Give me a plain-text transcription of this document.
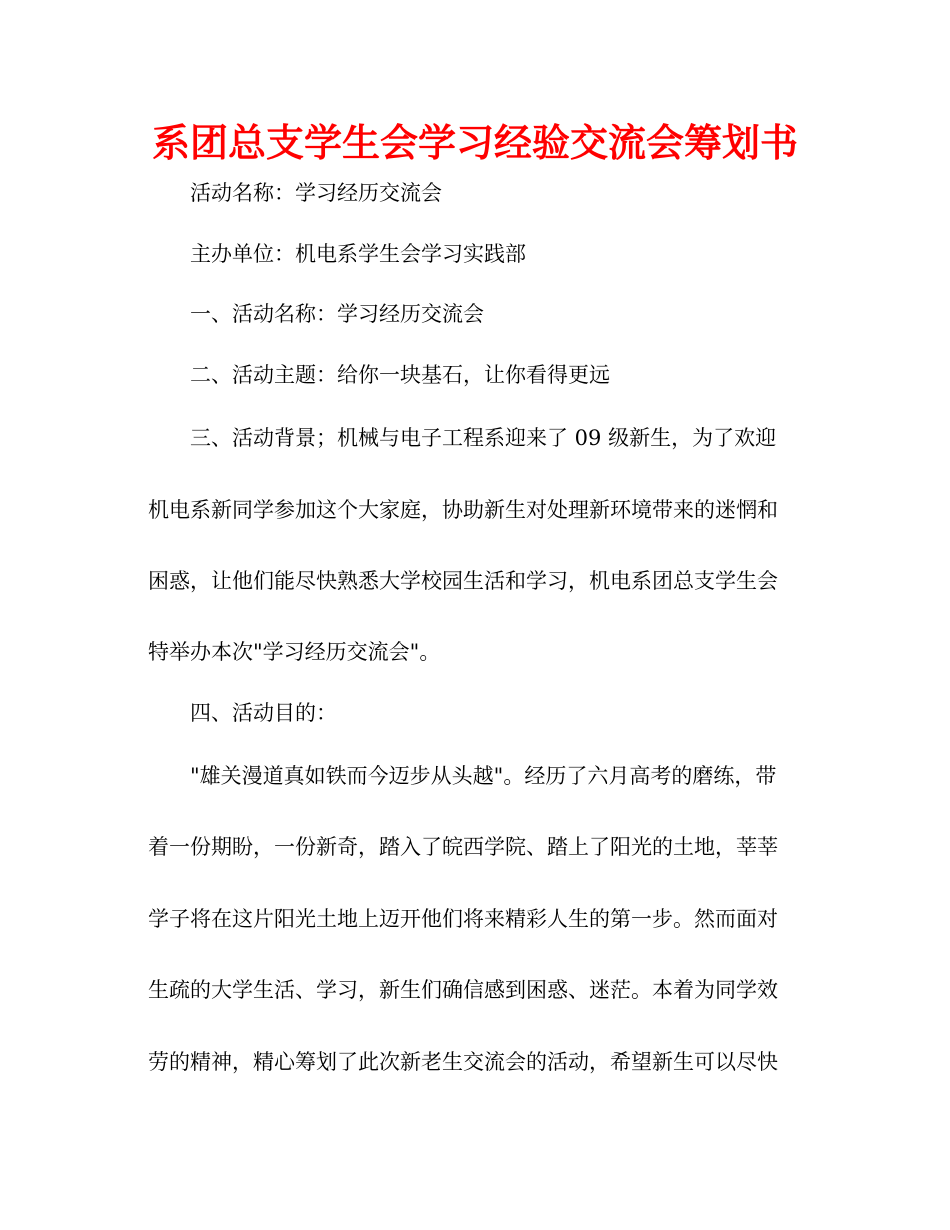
系团总支学生会学习经验交流会筹划书
活动名称：学习经历交流会
主办单位：机电系学生会学习实践部
一、活动名称：学习经历交流会
二、活动主题：给你一块基石，让你看得更远
三、活动背景；机械与电子工程系迎来了 09 级新生，为了欢迎
机电系新同学参加这个大家庭，协助新生对处理新环境带来的迷惘和
困惑，让他们能尽快熟悉大学校园生活和学习，机电系团总支学生会
特举办本次"学习经历交流会"。
四、活动目的：
"雄关漫道真如铁而今迈步从头越"。经历了六月高考的磨练，带
着一份期盼，一份新奇，踏入了皖西学院、踏上了阳光的土地，莘莘
学子将在这片阳光土地上迈开他们将来精彩人生的第一步。然而面对
生疏的大学生活、学习，新生们确信感到困惑、迷茫。本着为同学效
劳的精神，精心筹划了此次新老生交流会的活动，希望新生可以尽快
